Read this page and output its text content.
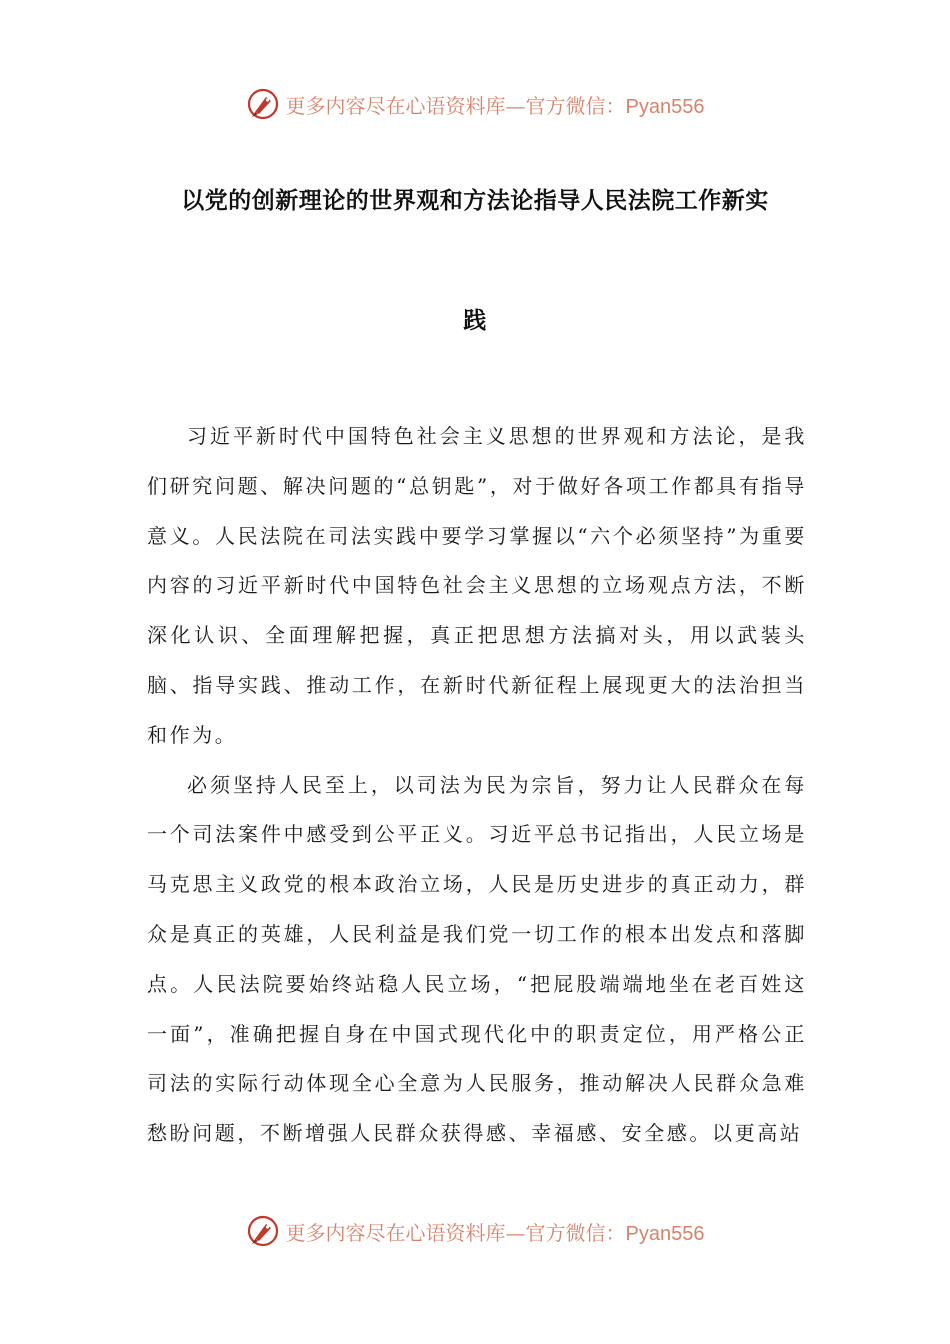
更多内容尽在心语资料库—官方微信：Pyan556
以党的创新理论的世界观和方法论指导人民法院工作新实
践

习近平新时代中国特色社会主义思想的世界观和方法论，是我们研究问题、解决问题的“总钥匙”，对于做好各项工作都具有指导意义。人民法院在司法实践中要学习掌握以“六个必须坚持”为重要内容的习近平新时代中国特色社会主义思想的立场观点方法，不断深化认识、全面理解把握，真正把思想方法搞对头，用以武装头脑、指导实践、推动工作，在新时代新征程上展现更大的法治担当和作为。

必须坚持人民至上，以司法为民为宗旨，努力让人民群众在每一个司法案件中感受到公平正义。习近平总书记指出，人民立场是马克思主义政党的根本政治立场，人民是历史进步的真正动力，群众是真正的英雄，人民利益是我们党一切工作的根本出发点和落脚点。人民法院要始终站稳人民立场，“把屁股端端地坐在老百姓这一面”，准确把握自身在中国式现代化中的职责定位，用严格公正司法的实际行动体现全心全意为人民服务，推动解决人民群众急难愁盼问题，不断增强人民群众获得感、幸福感、安全感。以更高站

更多内容尽在心语资料库—官方微信：Pyan556
